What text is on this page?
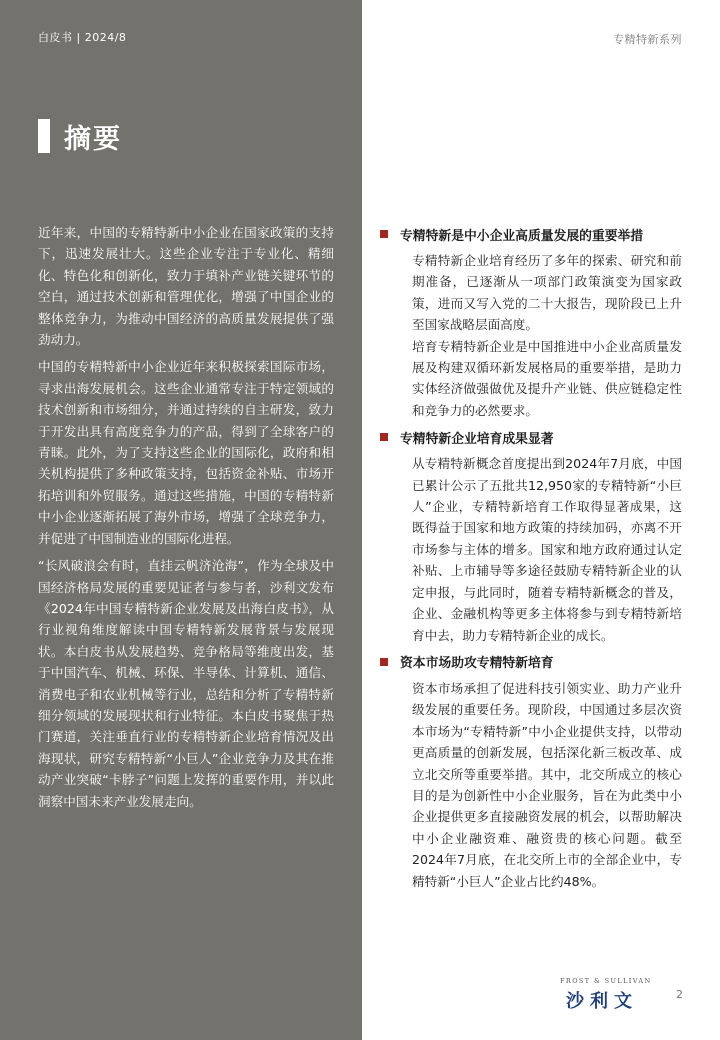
白皮书 | 2024/8	专精特新系列
摘要

近年来，中国的专精特新中小企业在国家政策的支持下，迅速发展壮大。这些企业专注于专业化、精细化、特色化和创新化，致力于填补产业链关键环节的空白，通过技术创新和管理优化，增强了中国企业的整体竞争力，为推动中国经济的高质量发展提供了强劲动力。

中国的专精特新中小企业近年来积极探索国际市场，寻求出海发展机会。这些企业通常专注于特定领域的技术创新和市场细分，并通过持续的自主研发，致力于开发出具有高度竞争力的产品，得到了全球客户的青睐。此外，为了支持这些企业的国际化，政府和相关机构提供了多种政策支持，包括资金补贴、市场开拓培训和外贸服务。通过这些措施，中国的专精特新中小企业逐渐拓展了海外市场，增强了全球竞争力，并促进了中国制造业的国际化进程。

“长风破浪会有时，直挂云帆济沧海”，作为全球及中国经济格局发展的重要见证者与参与者，沙利文发布《2024年中国专精特新企业发展及出海白皮书》，从行业视角维度解读中国专精特新发展背景与发展现状。本白皮书从发展趋势、竞争格局等维度出发，基于中国汽车、机械、环保、半导体、计算机、通信、消费电子和农业机械等行业，总结和分析了专精特新细分领域的发展现状和行业特征。本白皮书聚焦于热门赛道，关注垂直行业的专精特新企业培育情况及出海现状，研究专精特新“小巨人”企业竞争力及其在推动产业突破“卡脖子”问题上发挥的重要作用，并以此洞察中国未来产业发展走向。

专精特新是中小企业高质量发展的重要举措

专精特新企业培育经历了多年的探索、研究和前期准备，已逐渐从一项部门政策演变为国家政策，进而又写入党的二十大报告，现阶段已上升至国家战略层面高度。

培育专精特新企业是中国推进中小企业高质量发展及构建双循环新发展格局的重要举措，是助力实体经济做强做优及提升产业链、供应链稳定性和竞争力的必然要求。

专精特新企业培育成果显著

从专精特新概念首度提出到2024年7月底，中国已累计公示了五批共12,950家的专精特新“小巨人”企业，专精特新培育工作取得显著成果，这既得益于国家和地方政策的持续加码，亦离不开市场参与主体的增多。国家和地方政府通过认定补贴、上市辅导等多途径鼓励专精特新企业的认定申报，与此同时，随着专精特新概念的普及，企业、金融机构等更多主体将参与到专精特新培育中去，助力专精特新企业的成长。

资本市场助攻专精特新培育

资本市场承担了促进科技引领实业、助力产业升级发展的重要任务。现阶段，中国通过多层次资本市场为“专精特新”中小企业提供支持，以带动更高质量的创新发展，包括深化新三板改革、成立北交所等重要举措。其中，北交所成立的核心目的是为创新性中小企业服务，旨在为此类中小企业提供更多直接融资发展的机会，以帮助解决中小企业融资难、融资贵的核心问题。截至2024年7月底，在北交所上市的全部企业中，专精特新“小巨人”企业占比约48%。

FROST & SULLIVAN
沙利文	2
